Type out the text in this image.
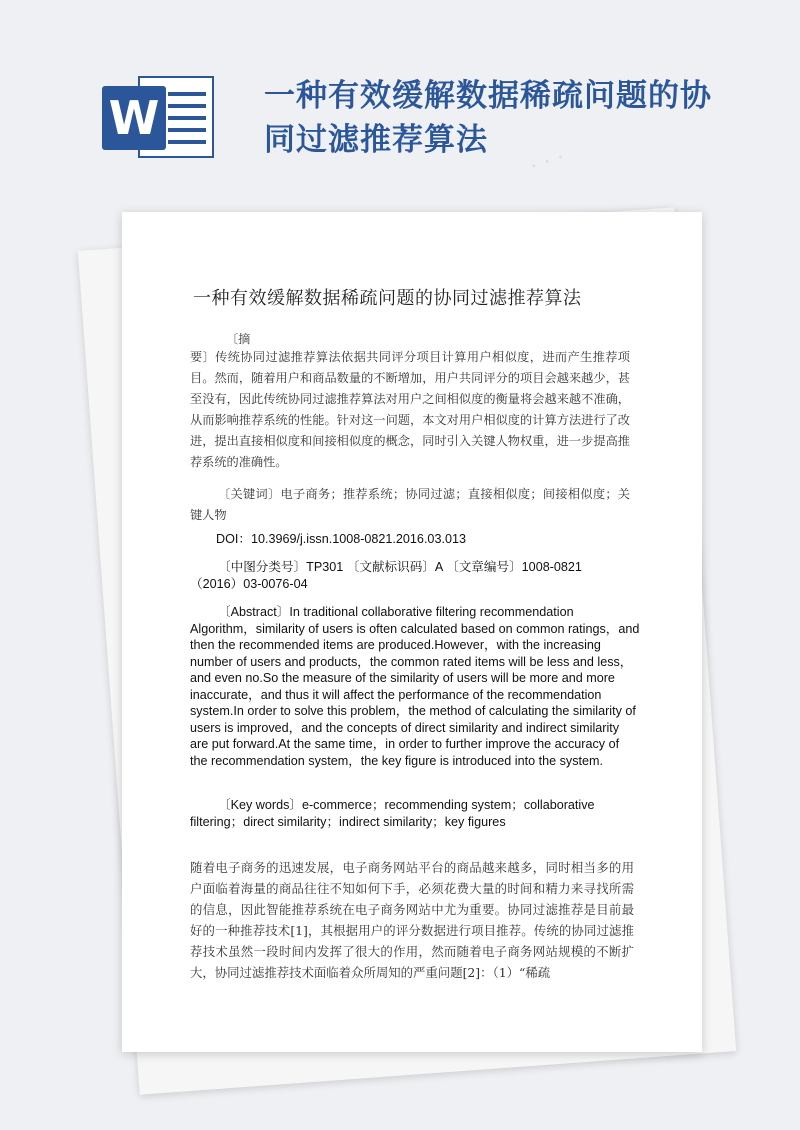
W	一种有效缓解数据稀疏问题的协同过滤推荐算法
一种有效缓解数据稀疏问题的协同过滤推荐算法
〔摘
要〕传统协同过滤推荐算法依据共同评分项目计算用户相似度，进而产生推荐项目。然而，随着用户和商品数量的不断增加，用户共同评分的项目会越来越少，甚至没有，因此传统协同过滤推荐算法对用户之间相似度的衡量将会越来越不准确，从而影响推荐系统的性能。针对这一问题，本文对用户相似度的计算方法进行了改进，提出直接相似度和间接相似度的概念，同时引入关键人物权重，进一步提高推荐系统的准确性。
〔关键词〕电子商务；推荐系统；协同过滤；直接相似度；间接相似度；关键人物
DOI：10.3969/j.issn.1008-0821.2016.03.013
〔中图分类号〕TP301 〔文献标识码〕A 〔文章编号〕1008-0821（2016）03-0076-04
〔Abstract〕In traditional collaborative filtering recommendation Algorithm，similarity of users is often calculated based on common ratings，and then the recommended items are produced.However，with the increasing number of users and products，the common rated items will be less and less，and even no.So the measure of the similarity of users will be more and more inaccurate，and thus it will affect the performance of the recommendation system.In order to solve this problem，the method of calculating the similarity of users is improved，and the concepts of direct similarity and indirect similarity are put forward.At the same time，in order to further improve the accuracy of the recommendation system，the key figure is introduced into the system.
〔Key words〕e-commerce；recommending system；collaborative filtering；direct similarity；indirect similarity；key figures
随着电子商务的迅速发展，电子商务网站平台的商品越来越多，同时相当多的用户面临着海量的商品往往不知如何下手，必须花费大量的时间和精力来寻找所需的信息，因此智能推荐系统在电子商务网站中尤为重要。协同过滤推荐是目前最好的一种推荐技术[1]，其根据用户的评分数据进行项目推荐。传统的协同过滤推荐技术虽然一段时间内发挥了很大的作用，然而随着电子商务网站规模的不断扩大，协同过滤推荐技术面临着众所周知的严重问题[2]：（1）“稀疏
· · ·
